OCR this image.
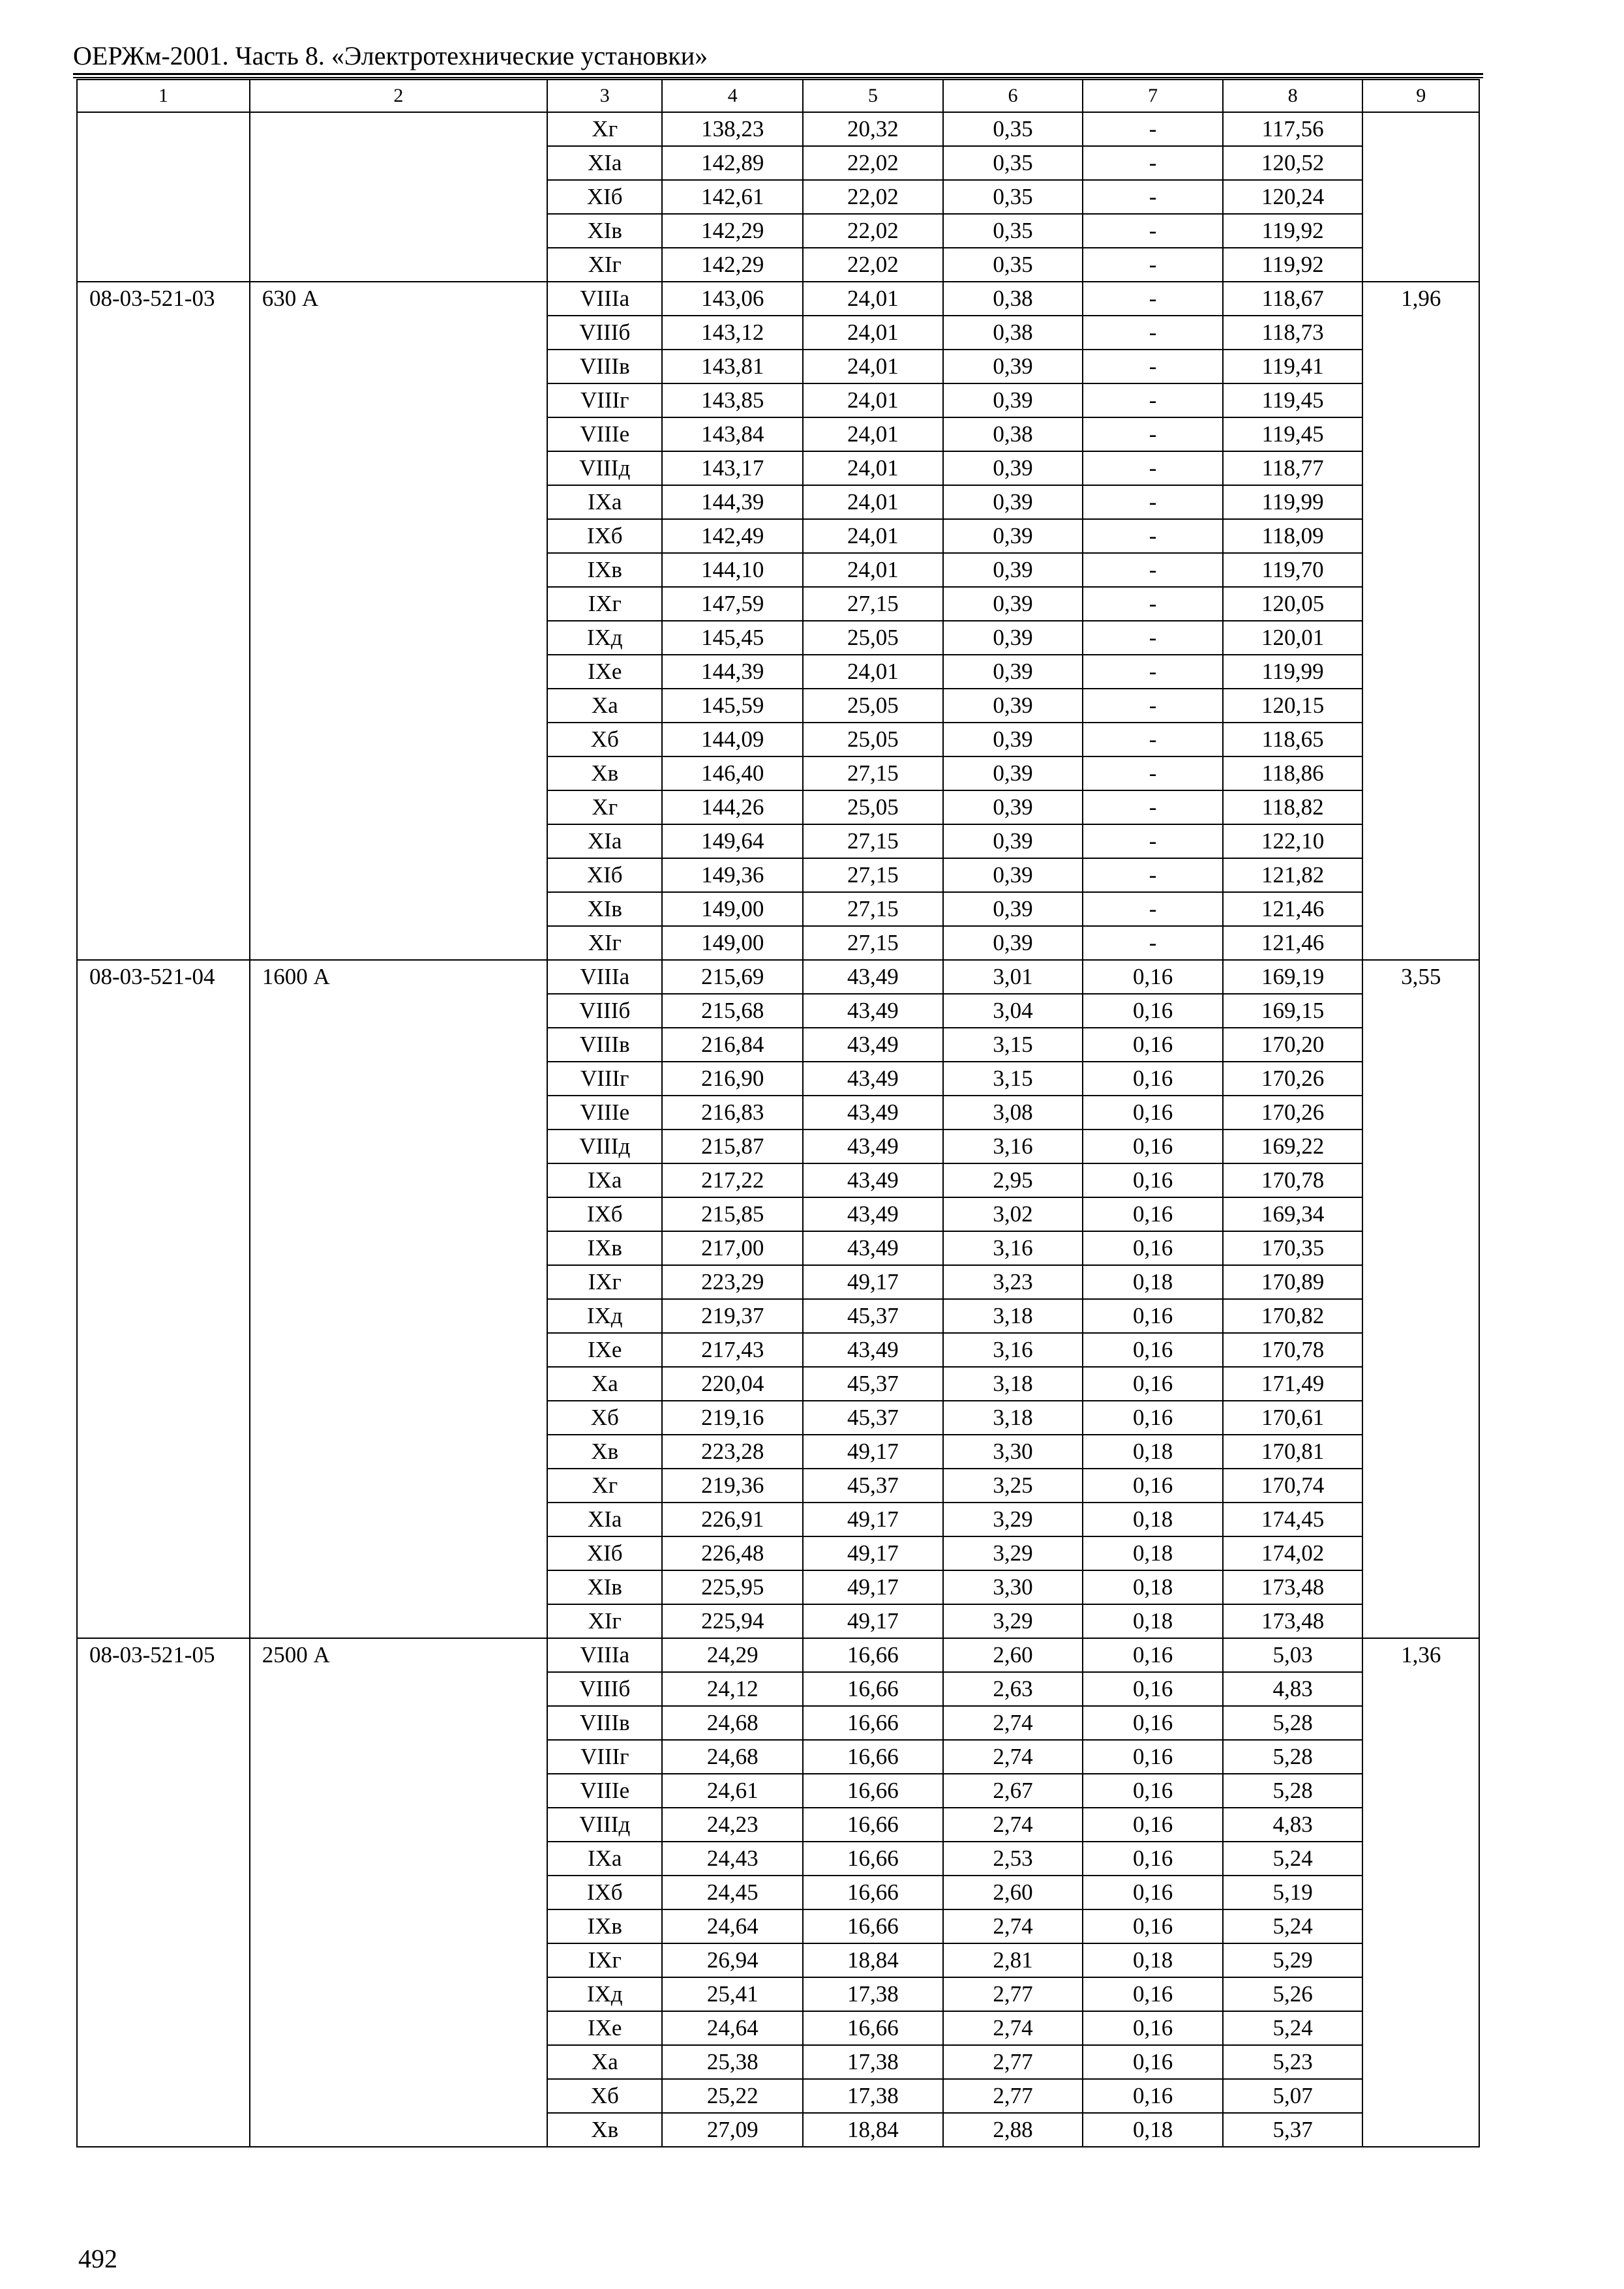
ОЕРЖм-2001. Часть 8. «Электротехнические установки»
1	2	3	4	5	6	7	8	9
		Xг	138,23	20,32	0,35	-	117,56	
		XIа	142,89	22,02	0,35	-	120,52	
		XIб	142,61	22,02	0,35	-	120,24	
		XIв	142,29	22,02	0,35	-	119,92	
		XIг	142,29	22,02	0,35	-	119,92	
08-03-521-03	630 А	VIIIа	143,06	24,01	0,38	-	118,67	1,96
		VIIIб	143,12	24,01	0,38	-	118,73	
		VIIIв	143,81	24,01	0,39	-	119,41	
		VIIIг	143,85	24,01	0,39	-	119,45	
		VIIIе	143,84	24,01	0,38	-	119,45	
		VIIIд	143,17	24,01	0,39	-	118,77	
		IXа	144,39	24,01	0,39	-	119,99	
		IXб	142,49	24,01	0,39	-	118,09	
		IXв	144,10	24,01	0,39	-	119,70	
		IXг	147,59	27,15	0,39	-	120,05	
		IXд	145,45	25,05	0,39	-	120,01	
		IXе	144,39	24,01	0,39	-	119,99	
		Xа	145,59	25,05	0,39	-	120,15	
		Xб	144,09	25,05	0,39	-	118,65	
		Xв	146,40	27,15	0,39	-	118,86	
		Xг	144,26	25,05	0,39	-	118,82	
		XIа	149,64	27,15	0,39	-	122,10	
		XIб	149,36	27,15	0,39	-	121,82	
		XIв	149,00	27,15	0,39	-	121,46	
		XIг	149,00	27,15	0,39	-	121,46	
08-03-521-04	1600 А	VIIIа	215,69	43,49	3,01	0,16	169,19	3,55
		VIIIб	215,68	43,49	3,04	0,16	169,15	
		VIIIв	216,84	43,49	3,15	0,16	170,20	
		VIIIг	216,90	43,49	3,15	0,16	170,26	
		VIIIе	216,83	43,49	3,08	0,16	170,26	
		VIIIд	215,87	43,49	3,16	0,16	169,22	
		IXа	217,22	43,49	2,95	0,16	170,78	
		IXб	215,85	43,49	3,02	0,16	169,34	
		IXв	217,00	43,49	3,16	0,16	170,35	
		IXг	223,29	49,17	3,23	0,18	170,89	
		IXд	219,37	45,37	3,18	0,16	170,82	
		IXе	217,43	43,49	3,16	0,16	170,78	
		Xа	220,04	45,37	3,18	0,16	171,49	
		Xб	219,16	45,37	3,18	0,16	170,61	
		Xв	223,28	49,17	3,30	0,18	170,81	
		Xг	219,36	45,37	3,25	0,16	170,74	
		XIа	226,91	49,17	3,29	0,18	174,45	
		XIб	226,48	49,17	3,29	0,18	174,02	
		XIв	225,95	49,17	3,30	0,18	173,48	
		XIг	225,94	49,17	3,29	0,18	173,48	
08-03-521-05	2500 А	VIIIа	24,29	16,66	2,60	0,16	5,03	1,36
		VIIIб	24,12	16,66	2,63	0,16	4,83	
		VIIIв	24,68	16,66	2,74	0,16	5,28	
		VIIIг	24,68	16,66	2,74	0,16	5,28	
		VIIIе	24,61	16,66	2,67	0,16	5,28	
		VIIIд	24,23	16,66	2,74	0,16	4,83	
		IXа	24,43	16,66	2,53	0,16	5,24	
		IXб	24,45	16,66	2,60	0,16	5,19	
		IXв	24,64	16,66	2,74	0,16	5,24	
		IXг	26,94	18,84	2,81	0,18	5,29	
		IXд	25,41	17,38	2,77	0,16	5,26	
		IXе	24,64	16,66	2,74	0,16	5,24	
		Xа	25,38	17,38	2,77	0,16	5,23	
		Xб	25,22	17,38	2,77	0,16	5,07	
		Xв	27,09	18,84	2,88	0,18	5,37	
492
